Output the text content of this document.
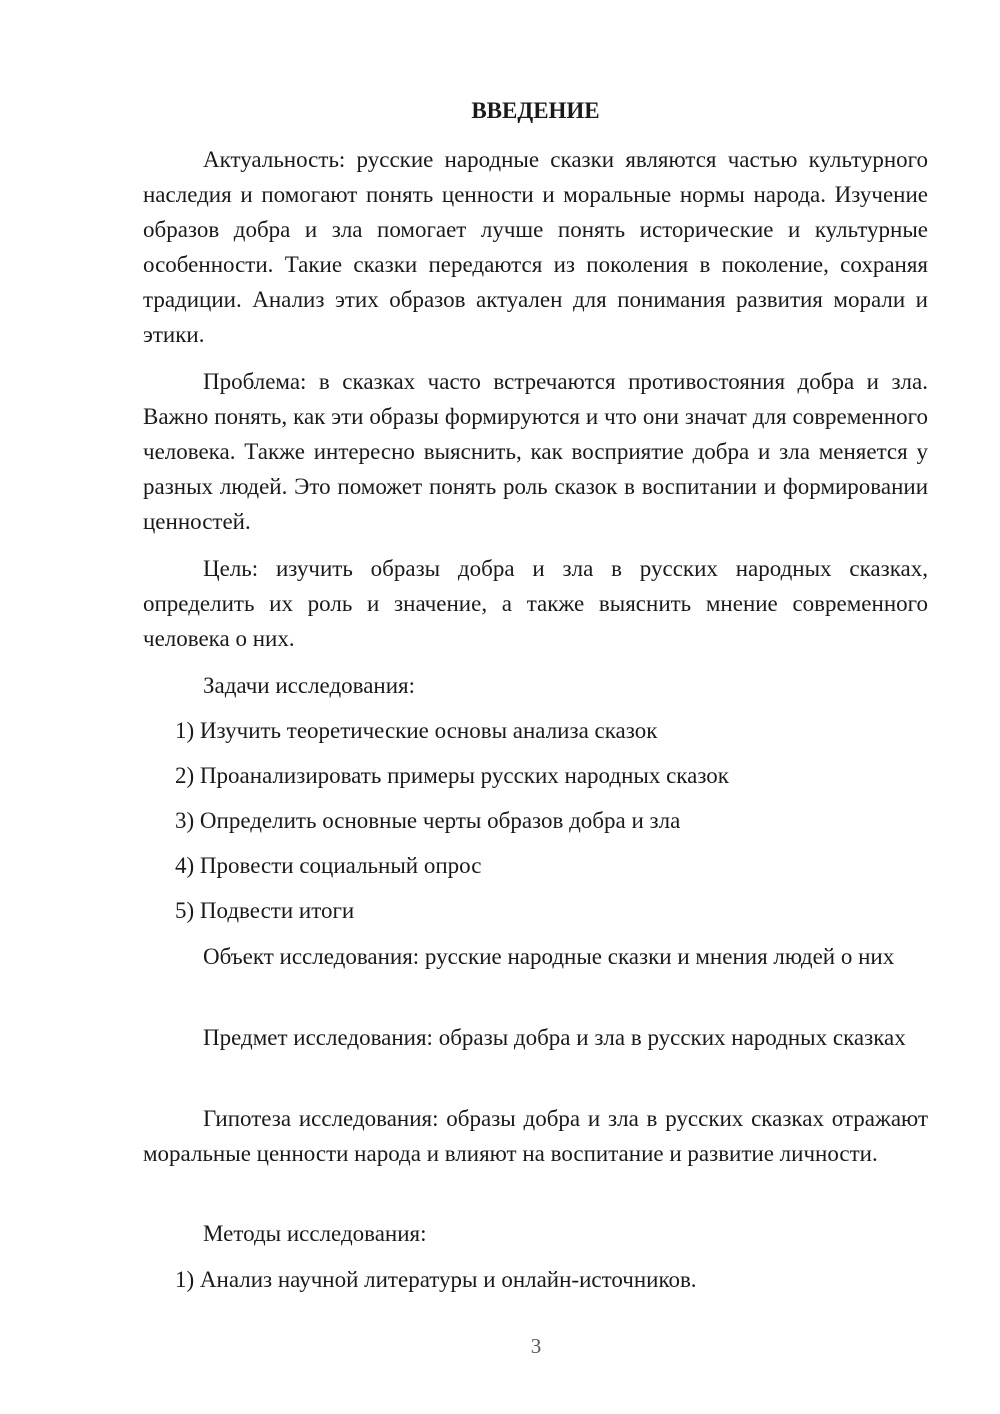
ВВЕДЕНИЕ

Актуальность: русские народные сказки являются частью культурного наследия и помогают понять ценности и моральные нормы народа. Изучение образов добра и зла помогает лучше понять исторические и культурные особенности. Такие сказки передаются из поколения в поколение, сохраняя традиции. Анализ этих образов актуален для понимания развития морали и этики.

Проблема: в сказках часто встречаются противостояния добра и зла. Важно понять, как эти образы формируются и что они значат для современного человека. Также интересно выяснить, как восприятие добра и зла меняется у разных людей. Это поможет понять роль сказок в воспитании и формировании ценностей.

Цель: изучить образы добра и зла в русских народных сказках, определить их роль и значение, а также выяснить мнение современного человека о них.

Задачи исследования:

1) Изучить теоретические основы анализа сказок

2) Проанализировать примеры русских народных сказок

3) Определить основные черты образов добра и зла

4) Провести социальный опрос

5) Подвести итоги

Объект исследования: русские народные сказки и мнения людей о них

Предмет исследования: образы добра и зла в русских народных сказках

Гипотеза исследования: образы добра и зла в русских сказках отражают моральные ценности народа и влияют на воспитание и развитие личности.

Методы исследования:

1) Анализ научной литературы и онлайн-источников.

3
